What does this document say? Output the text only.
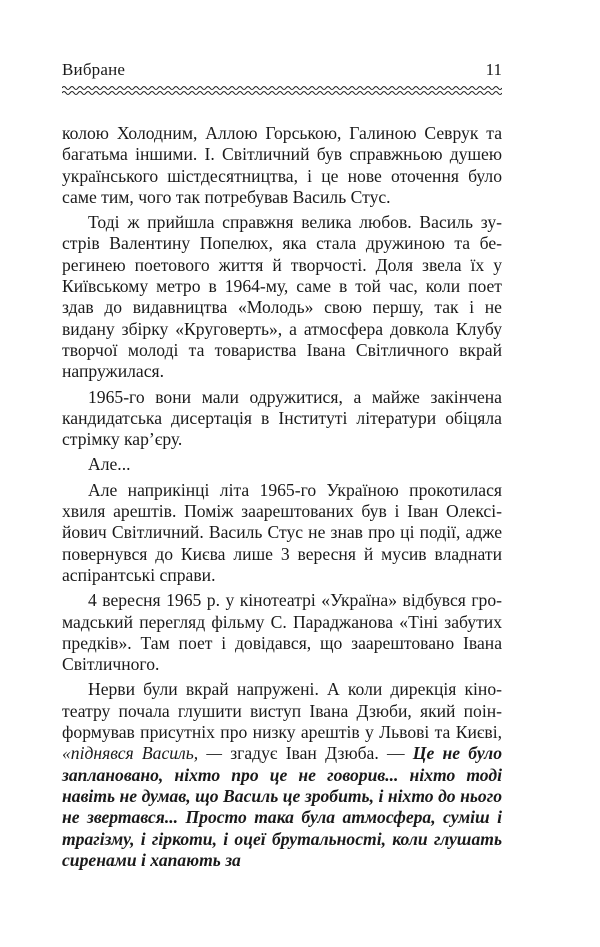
Вибране	11

колою Холодним, Аллою Горською, Галиною Севрук та багатьма іншими. І. Світличний був справжньою душею українського шістдесятництва, і це нове оточення було саме тим, чого так потребував Василь Стус.

Тоді ж прийшла справжня велика любов. Василь зустрів Валентину Попелюх, яка стала дружиною та берегинею поетового життя й творчості. Доля звела їх у Київському метро в 1964-му, саме в той час, коли поет здав до видавництва «Молодь» свою першу, так і не видану збірку «Круговерть», а атмосфера довкола Клубу творчої молоді та товариства Івана Світличного вкрай напружилася.

1965-го вони мали одружитися, а майже закінчена кандидатська дисертація в Інституті літератури обіцяла стрімку кар’єру.

Але...

Але наприкінці літа 1965-го Україною прокотилася хвиля арештів. Поміж заарештованих був і Іван Олексійович Світличний. Василь Стус не знав про ці події, адже повернувся до Києва лише 3 вересня й мусив владнати аспірантські справи.

4 вересня 1965 р. у кінотеатрі «Україна» відбувся громадський перегляд фільму С. Параджанова «Тіні забутих предків». Там поет і довідався, що заарештовано Івана Світличного.

Нерви були вкрай напружені. А коли дирекція кінотеатру почала глушити виступ Івана Дзюби, який поінформував присутніх про низку арештів у Львові та Києві, «піднявся Василь, — згадує Іван Дзюба. — Це не було заплановано, ніхто про це не говорив... ніхто тоді навіть не думав, що Василь це зробить, і ніхто до нього не звертався... Просто така була атмосфера, суміш і трагізму, і гіркоти, і оцеї брутальності, коли глушать сиренами і хапають за
